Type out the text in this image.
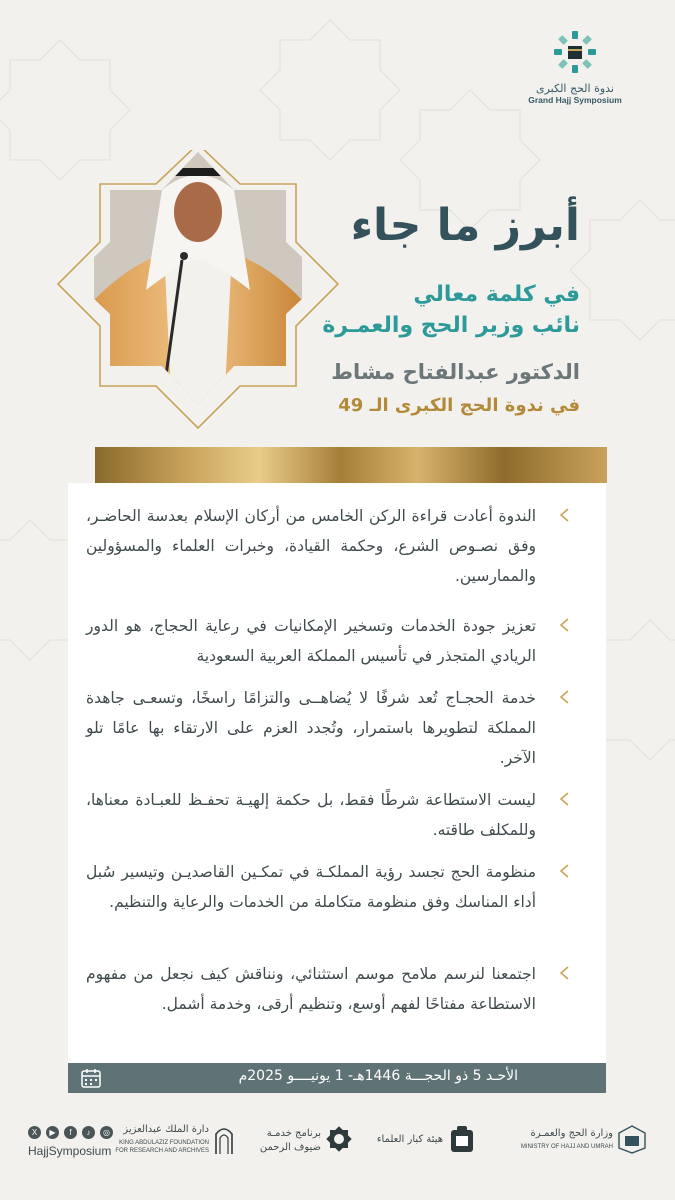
ندوة الحج الكبرى
Grand Hajj Symposium
أبرز ما جاء
في كلمة معالي
نائب وزير الحج والعمـرة
الدكتور عبدالفتاح مشاط
في ندوة الحج الكبرى الـ 49
الندوة أعادت قراءة الركن الخامس من أركان الإسلام بعدسة الحاضـر، وفق نصـوص الشرع، وحكمة القيادة، وخبرات العلماء والمسؤولين والممارسين.
تعزيز جودة الخدمات وتسخير الإمكانيات في رعاية الحجاج، هو الدور الريادي المتجذر في تأسيس المملكة العربية السعودية
خدمة الحجـاج تُعد شرفًا لا يُضاهــى والتزامًا راسخًا، وتسعـى جاهدة المملكة لتطويرها باستمرار، وتُجدد العزم على الارتقاء بها عامًا تلو الآخر.
ليست الاستطاعة شرطًا فقط، بل حكمة إلهيـة تحفـظ للعبـادة معناها، وللمكلف طاقته.
منظومة الحج تجسد رؤية المملكـة في تمكـين القاصديـن وتيسير سُبل أداء المناسك وفق منظومة متكاملة من الخدمات والرعاية والتنظيم.
اجتمعنا لنرسم ملامح موسم استثنائي، ونناقش كيف نجعل من مفهوم الاستطاعة مفتاحًا لفهم أوسع، وتنظيم أرقى، وخدمة أشمل.
الأحـد 5 ذو الحجـــة 1446هـ- 1 يونيــــو 2025م
وزارة الحج والعمـرة
MINISTRY OF HAJJ AND UMRAH
هيئة كبار العلماء
برنامج خدمـة
ضيوف الرحمن
دارة الملك عبدالعزيز
KING ABDULAZIZ FOUNDATION
FOR RESEARCH AND ARCHIVES
X	▶	f	♪	◎
HajjSymposium
